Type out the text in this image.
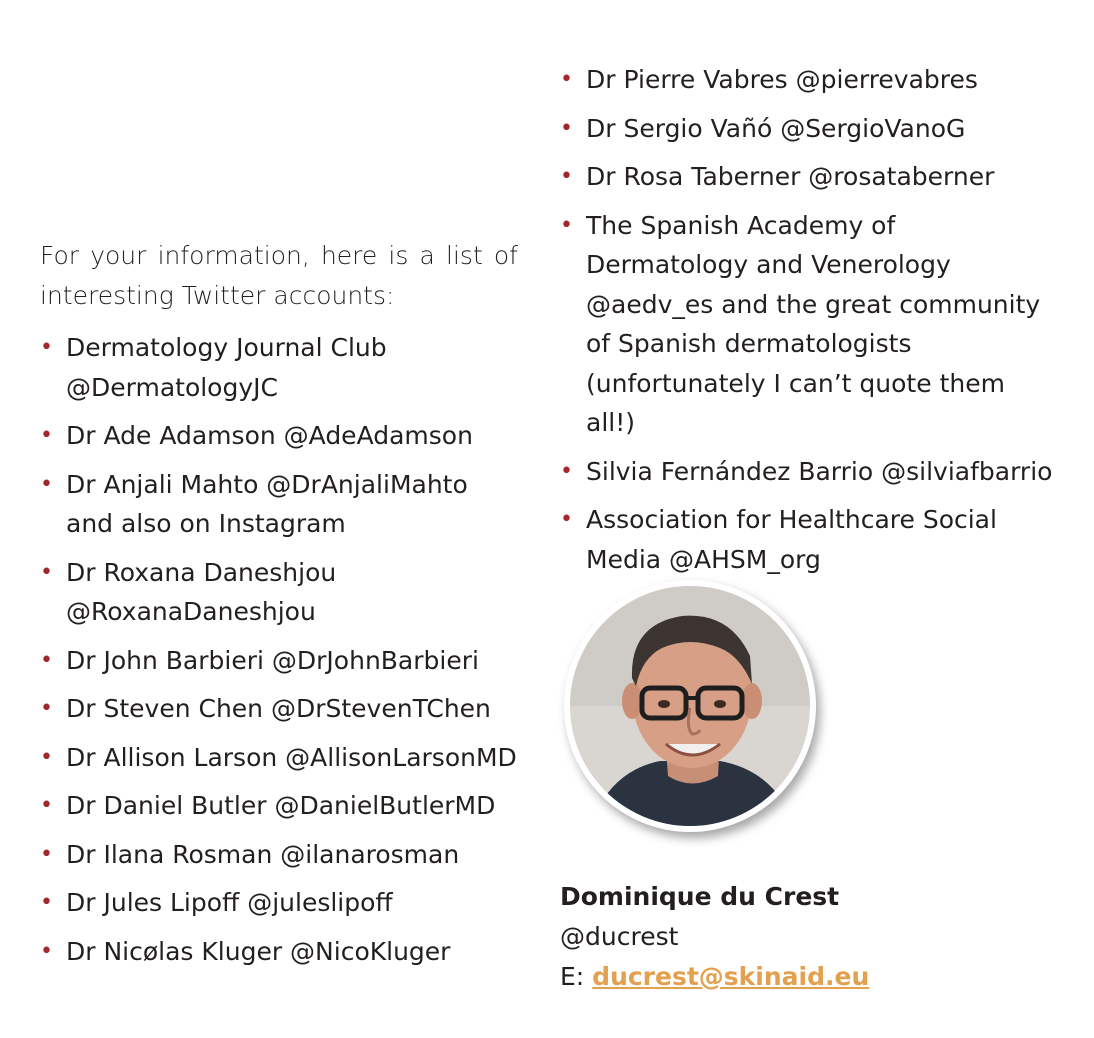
For your information, here is a list of interesting Twitter accounts:

• Dermatology Journal Club @DermatologyJC
• Dr Ade Adamson @AdeAdamson
• Dr Anjali Mahto @DrAnjaliMahto and also on Instagram
• Dr Roxana Daneshjou @RoxanaDaneshjou
• Dr John Barbieri @DrJohnBarbieri
• Dr Steven Chen @DrStevenTChen
• Dr Allison Larson @AllisonLarsonMD
• Dr Daniel Butler @DanielButlerMD
• Dr Ilana Rosman @ilanarosman
• Dr Jules Lipoff @juleslipoff
• Dr Nicølas Kluger @NicoKluger
• Dr Pierre Vabres @pierrevabres
• Dr Sergio Vañó @SergioVanoG
• Dr Rosa Taberner @rosataberner
• The Spanish Academy of Dermatology and Venerology @aedv_es and the great community of Spanish dermatologists (unfortunately I can’t quote them all!)
• Silvia Fernández Barrio @silviafbarrio
• Association for Healthcare Social Media @AHSM_org
Dominique du Crest
@ducrest
E: ducrest@skinaid.eu
